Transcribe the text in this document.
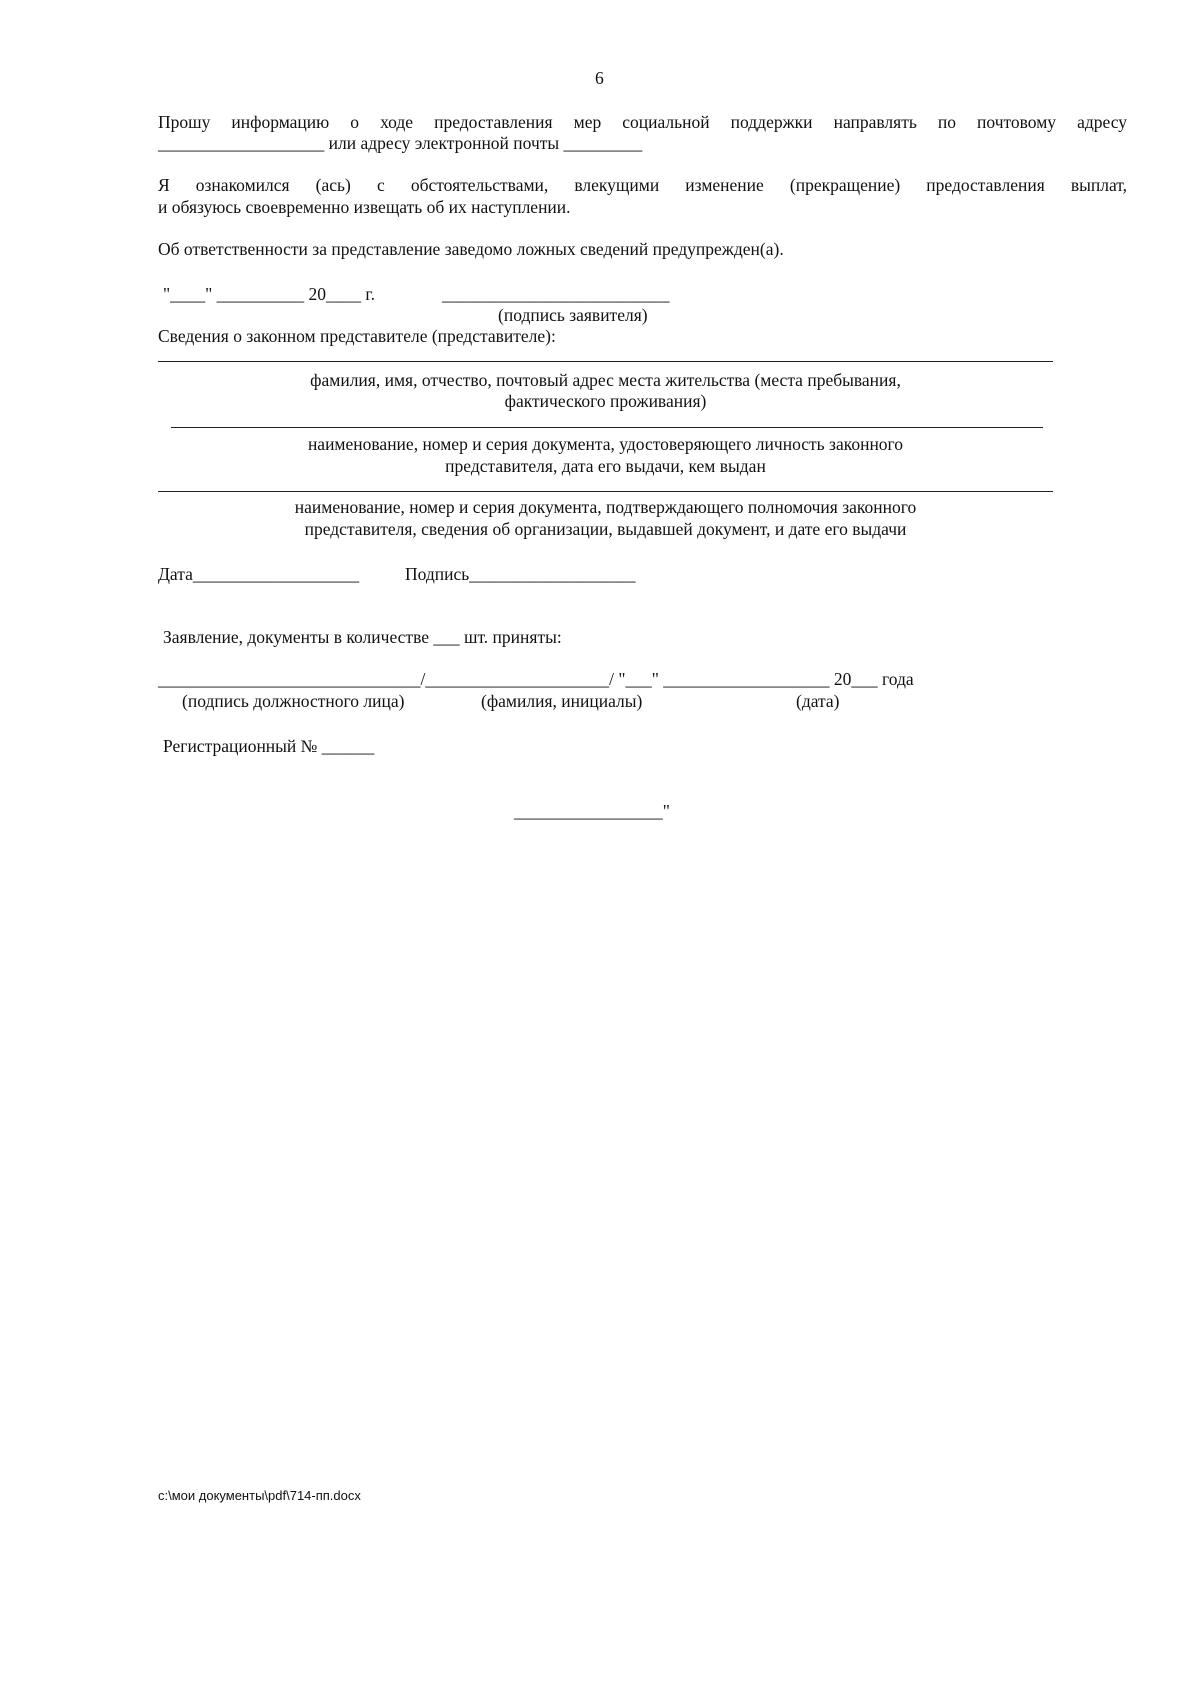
6
Прошу информацию о ходе предоставления мер социальной поддержки направлять по почтовому адресу
___________________ или адресу электронной почты _________
Я ознакомился (ась) с обстоятельствами, влекущими изменение (прекращение) предоставления выплат,
и обязуюсь своевременно извещать об их наступлении.
Об ответственности за представление заведомо ложных сведений предупрежден(а).
"____" __________ 20____ г.	__________________________
(подпись заявителя)
Сведения о законном представителе (представителе):
фамилия, имя, отчество, почтовый адрес места жительства (места пребывания,
фактического проживания)
наименование, номер и серия документа, удостоверяющего личность законного
представителя, дата его выдачи, кем выдан
наименование, номер и серия документа, подтверждающего полномочия законного
представителя, сведения об организации, выдавшей документ, и дате его выдачи
Дата___________________	Подпись___________________
Заявление, документы в количестве ___ шт. приняты:
______________________________/_____________________/ "___" ___________________ 20___ года
(подпись должностного лица)	(фамилия, инициалы)	(дата)
Регистрационный № ______
_________________"
c:\мои документы\pdf\714-пп.docx
